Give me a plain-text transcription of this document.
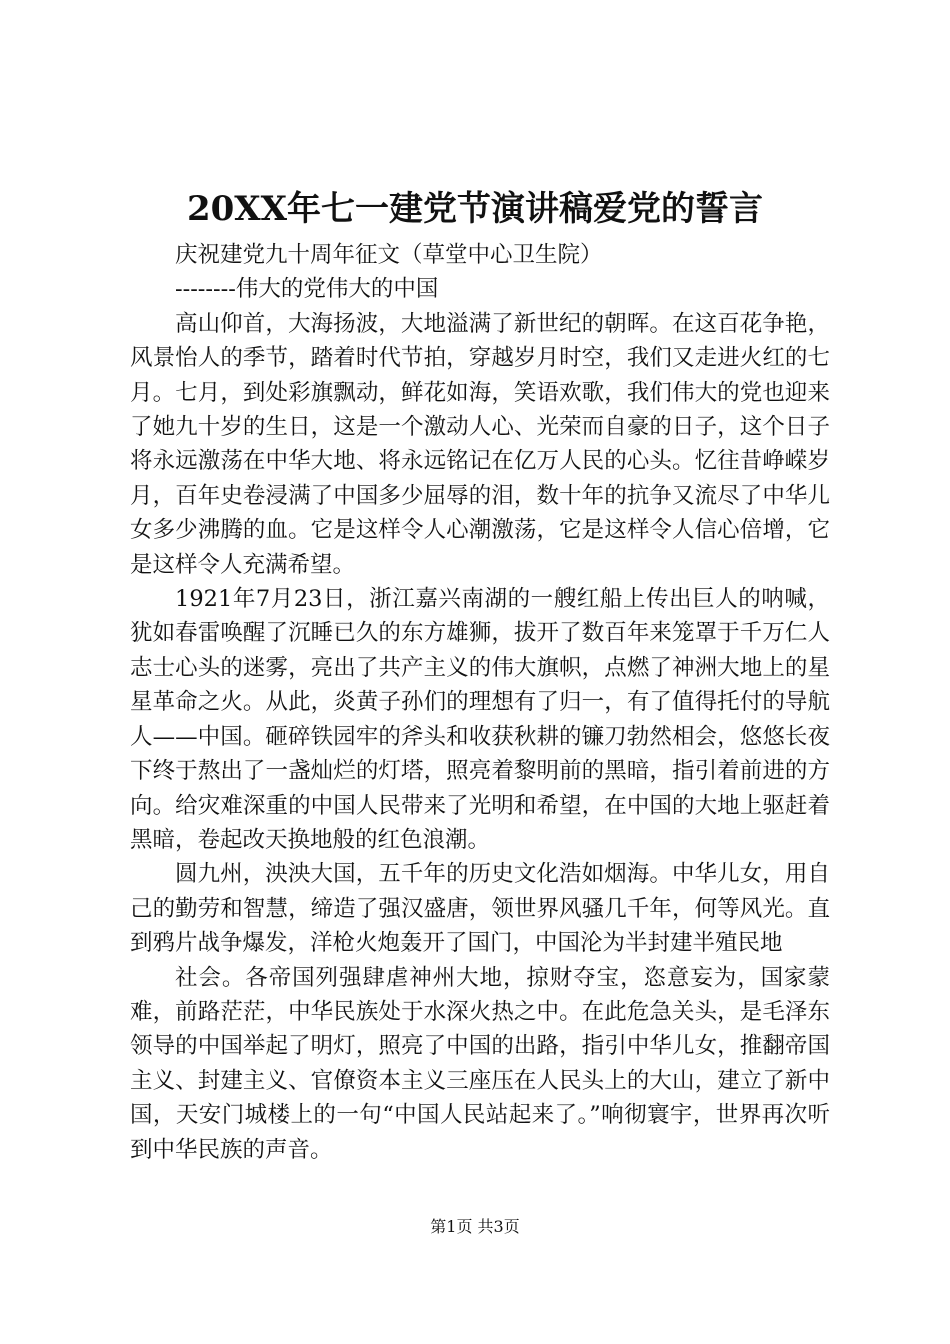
20XX年七一建党节演讲稿爱党的誓言

庆祝建党九十周年征文（草堂中心卫生院）

--------伟大的党伟大的中国

高山仰首，大海扬波，大地溢满了新世纪的朝晖。在这百花争艳，风景怡人的季节，踏着时代节拍，穿越岁月时空，我们又走进火红的七月。七月，到处彩旗飘动，鲜花如海，笑语欢歌，我们伟大的党也迎来了她九十岁的生日，这是一个激动人心、光荣而自豪的日子，这个日子将永远激荡在中华大地、将永远铭记在亿万人民的心头。忆往昔峥嵘岁月，百年史卷浸满了中国多少屈辱的泪，数十年的抗争又流尽了中华儿女多少沸腾的血。它是这样令人心潮激荡，它是这样令人信心倍增，它是这样令人充满希望。

1921年7月23日，浙江嘉兴南湖的一艘红船上传出巨人的呐喊，犹如春雷唤醒了沉睡已久的东方雄狮，拔开了数百年来笼罩于千万仁人志士心头的迷雾，亮出了共产主义的伟大旗帜，点燃了神洲大地上的星星革命之火。从此，炎黄子孙们的理想有了归一，有了值得托付的导航人——中国。砸碎铁园牢的斧头和收获秋耕的镰刀勃然相会，悠悠长夜下终于熬出了一盏灿烂的灯塔，照亮着黎明前的黑暗，指引着前进的方向。给灾难深重的中国人民带来了光明和希望，在中国的大地上驱赶着黑暗，卷起改天换地般的红色浪潮。

圆九州，泱泱大国，五千年的历史文化浩如烟海。中华儿女，用自己的勤劳和智慧，缔造了强汉盛唐，领世界风骚几千年，何等风光。直到鸦片战争爆发，洋枪火炮轰开了国门，中国沦为半封建半殖民地

社会。各帝国列强肆虐神州大地，掠财夺宝，恣意妄为，国家蒙难，前路茫茫，中华民族处于水深火热之中。在此危急关头，是毛泽东领导的中国举起了明灯，照亮了中国的出路，指引中华儿女，推翻帝国主义、封建主义、官僚资本主义三座压在人民头上的大山，建立了新中国，天安门城楼上的一句“中国人民站起来了。”响彻寰宇，世界再次听到中华民族的声音。

第1页 共3页
